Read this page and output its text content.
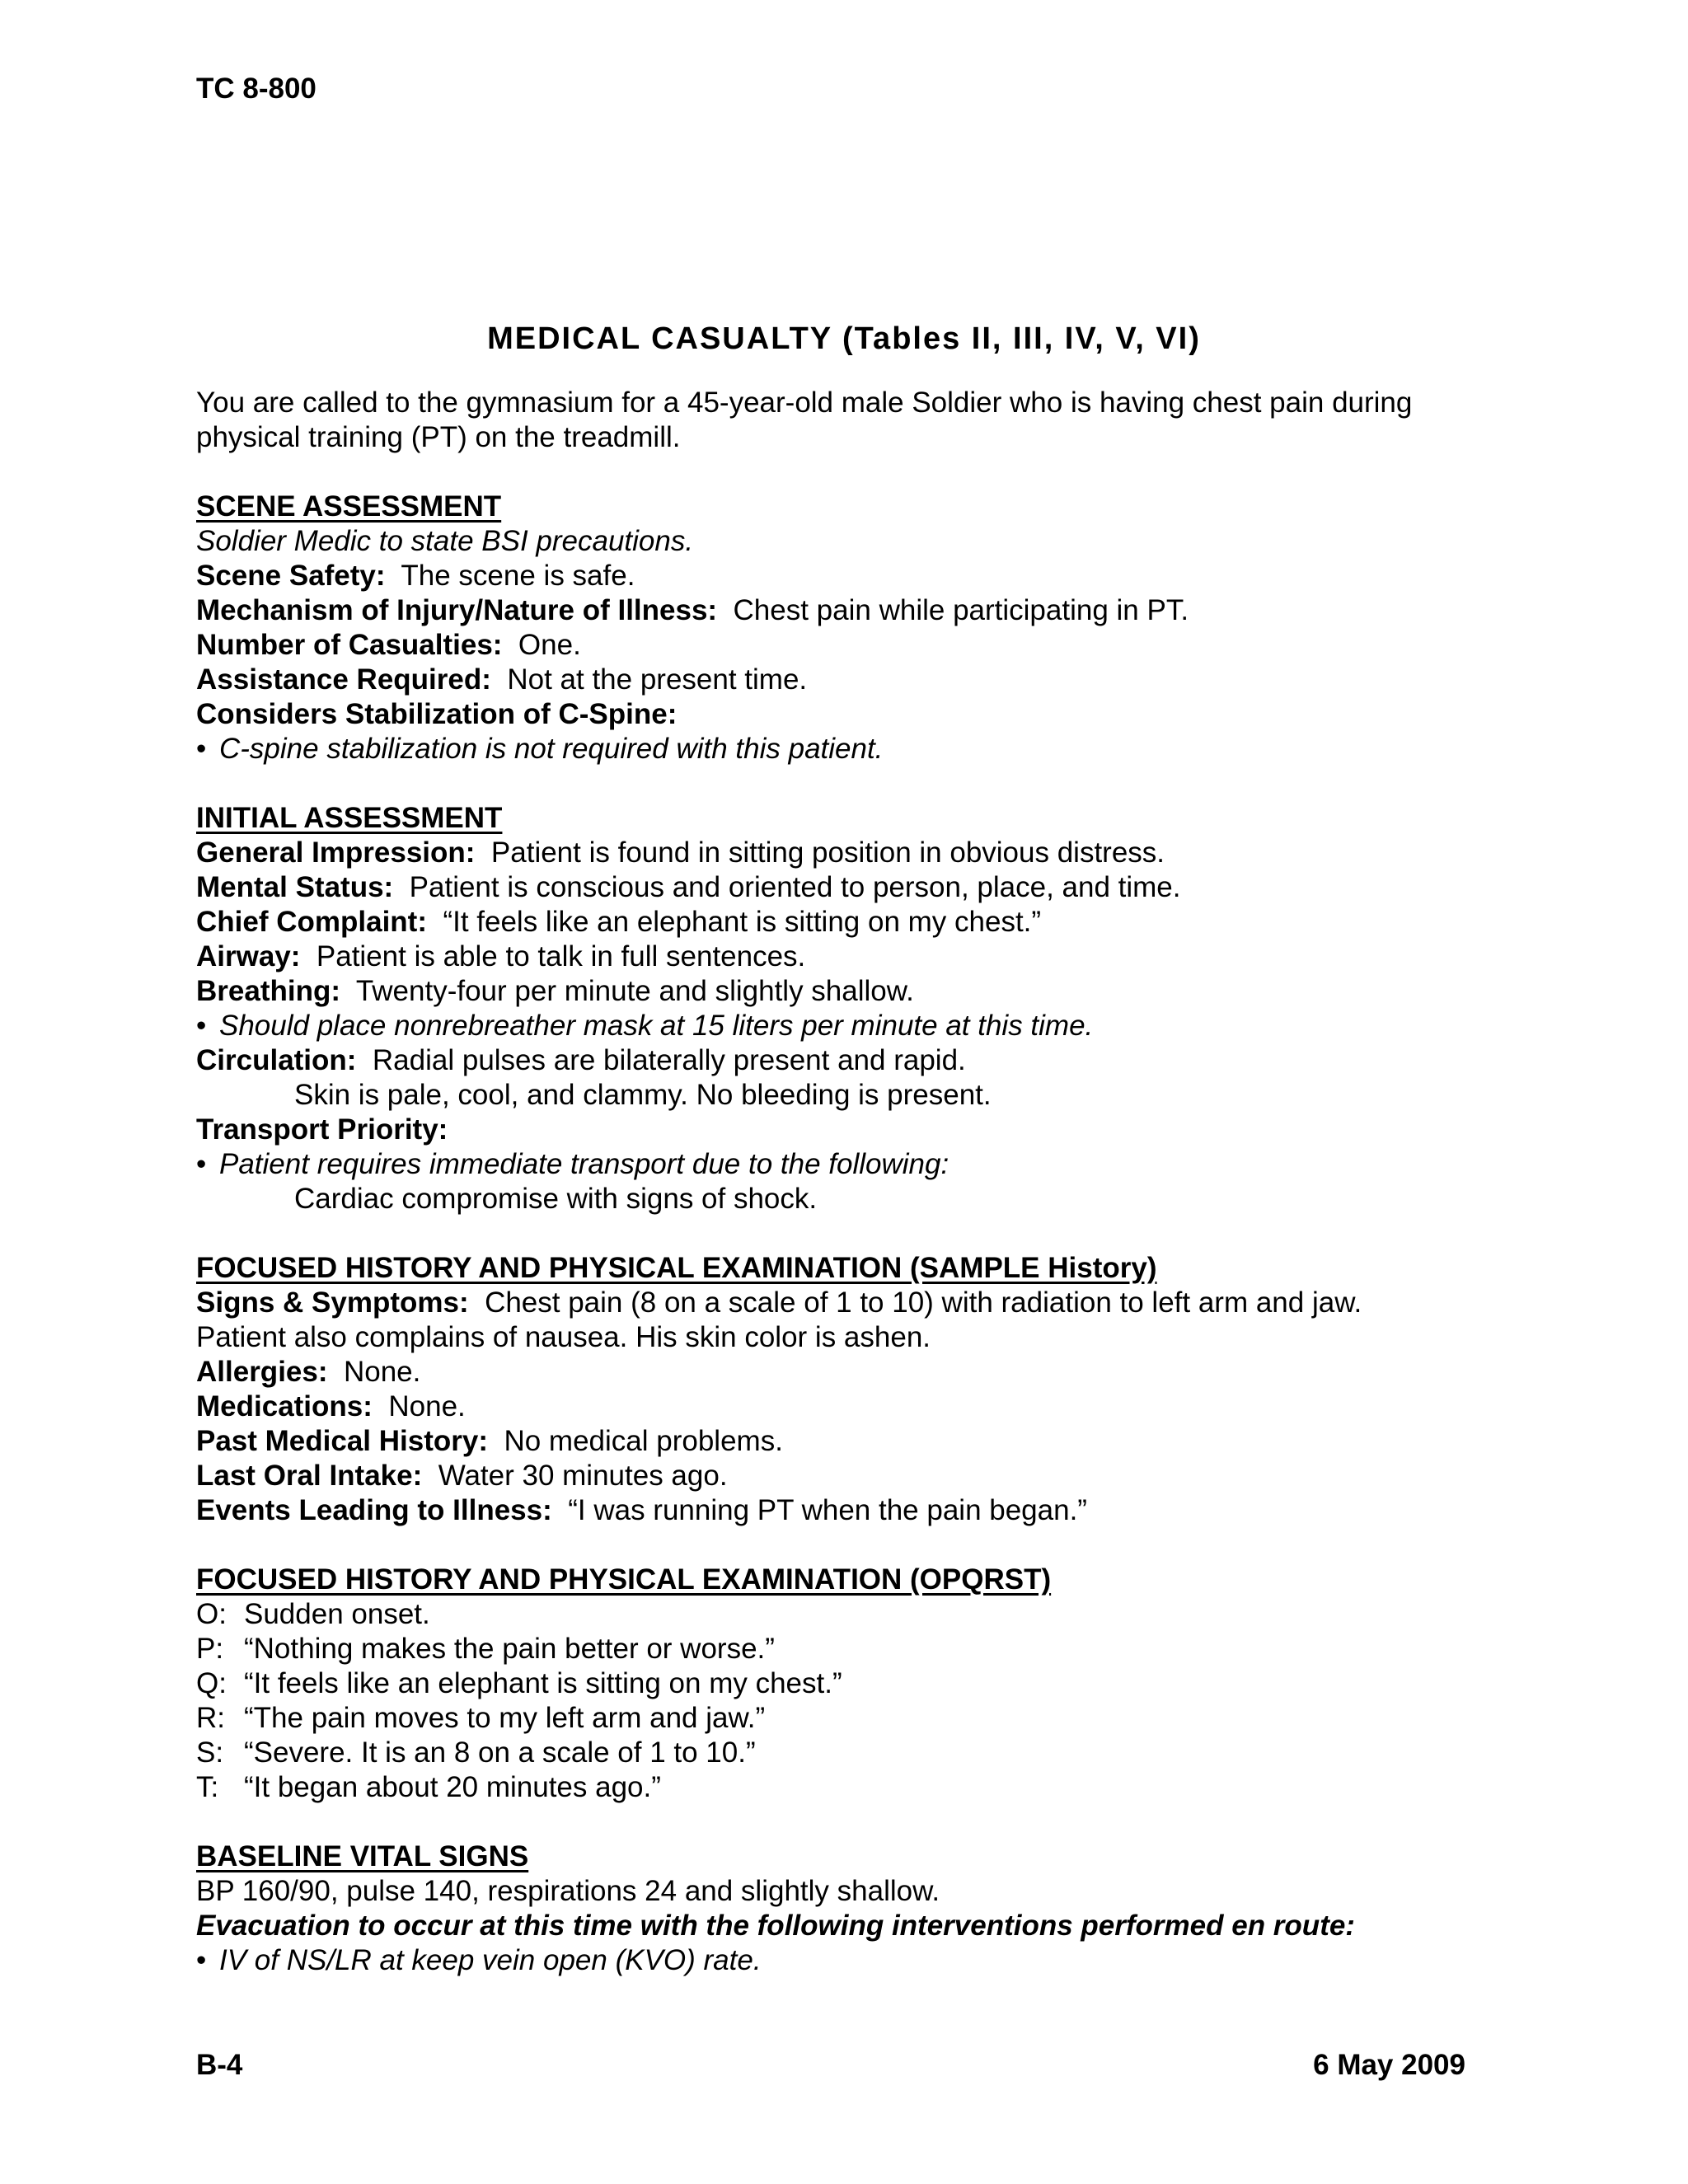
TC 8-800
MEDICAL CASUALTY (Tables II, III, IV, V, VI)
You are called to the gymnasium for a 45-year-old male Soldier who is having chest pain during physical training (PT) on the treadmill.
SCENE ASSESSMENT
Soldier Medic to state BSI precautions.
Scene Safety: The scene is safe.
Mechanism of Injury/Nature of Illness: Chest pain while participating in PT.
Number of Casualties: One.
Assistance Required: Not at the present time.
Considers Stabilization of C-Spine:
• C-spine stabilization is not required with this patient.
INITIAL ASSESSMENT
General Impression: Patient is found in sitting position in obvious distress.
Mental Status: Patient is conscious and oriented to person, place, and time.
Chief Complaint: “It feels like an elephant is sitting on my chest.”
Airway: Patient is able to talk in full sentences.
Breathing: Twenty-four per minute and slightly shallow.
• Should place nonrebreather mask at 15 liters per minute at this time.
Circulation: Radial pulses are bilaterally present and rapid.
Skin is pale, cool, and clammy. No bleeding is present.
Transport Priority:
• Patient requires immediate transport due to the following:
Cardiac compromise with signs of shock.
FOCUSED HISTORY AND PHYSICAL EXAMINATION (SAMPLE History)
Signs & Symptoms: Chest pain (8 on a scale of 1 to 10) with radiation to left arm and jaw.
Patient also complains of nausea. His skin color is ashen.
Allergies: None.
Medications: None.
Past Medical History: No medical problems.
Last Oral Intake: Water 30 minutes ago.
Events Leading to Illness: “I was running PT when the pain began.”
FOCUSED HISTORY AND PHYSICAL EXAMINATION (OPQRST)
O: Sudden onset.
P: “Nothing makes the pain better or worse.”
Q: “It feels like an elephant is sitting on my chest.”
R: “The pain moves to my left arm and jaw.”
S: “Severe. It is an 8 on a scale of 1 to 10.”
T: “It began about 20 minutes ago.”
BASELINE VITAL SIGNS
BP 160/90, pulse 140, respirations 24 and slightly shallow.
Evacuation to occur at this time with the following interventions performed en route:
• IV of NS/LR at keep vein open (KVO) rate.
B-4	6 May 2009
